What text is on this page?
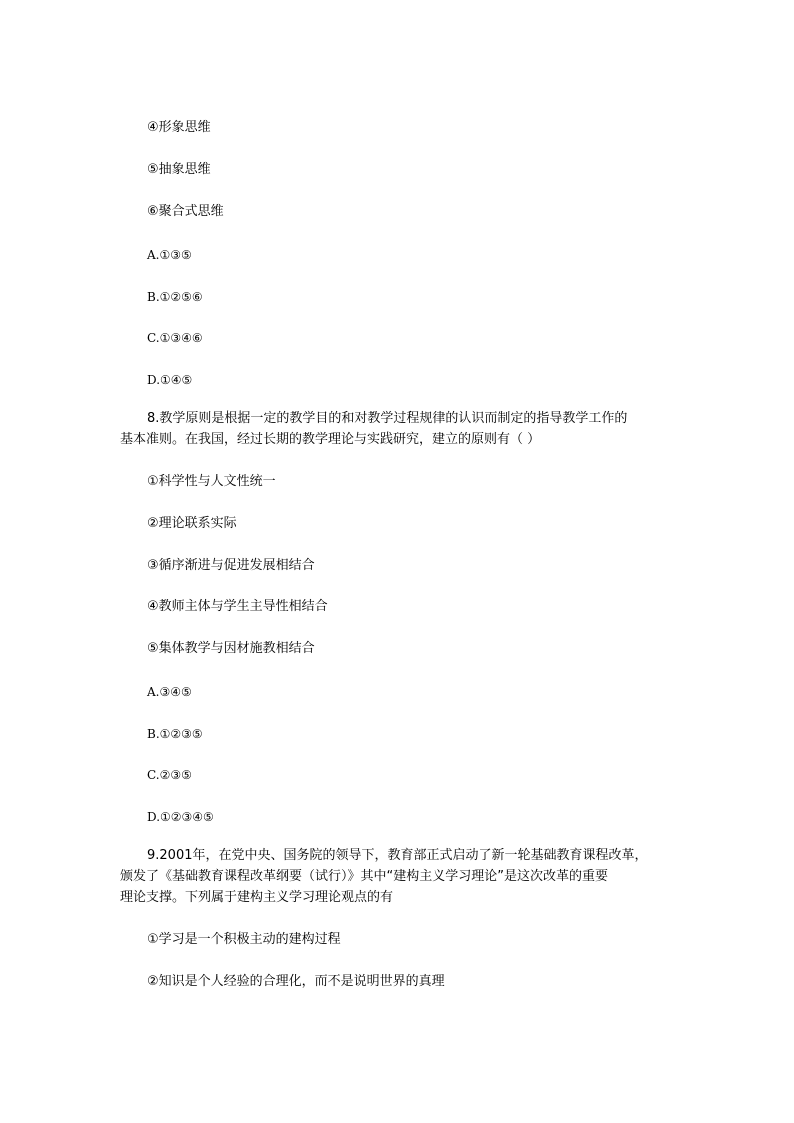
④形象思维
⑤抽象思维
⑥聚合式思维
A.①③⑤
B.①②⑤⑥
C.①③④⑥
D.①④⑤
8.教学原则是根据一定的教学目的和对教学过程规律的认识而制定的指导教学工作的
基本准则。在我国，经过长期的教学理论与实践研究，建立的原则有（ ）
①科学性与人文性统一
②理论联系实际
③循序渐进与促进发展相结合
④教师主体与学生主导性相结合
⑤集体教学与因材施教相结合
A.③④⑤
B.①②③⑤
C.②③⑤
D.①②③④⑤
9.2001年，在党中央、国务院的领导下，教育部正式启动了新一轮基础教育课程改革，
颁发了《基础教育课程改革纲要（试行）》其中“建构主义学习理论”是这次改革的重要
理论支撑。下列属于建构主义学习理论观点的有
①学习是一个积极主动的建构过程
②知识是个人经验的合理化，而不是说明世界的真理
